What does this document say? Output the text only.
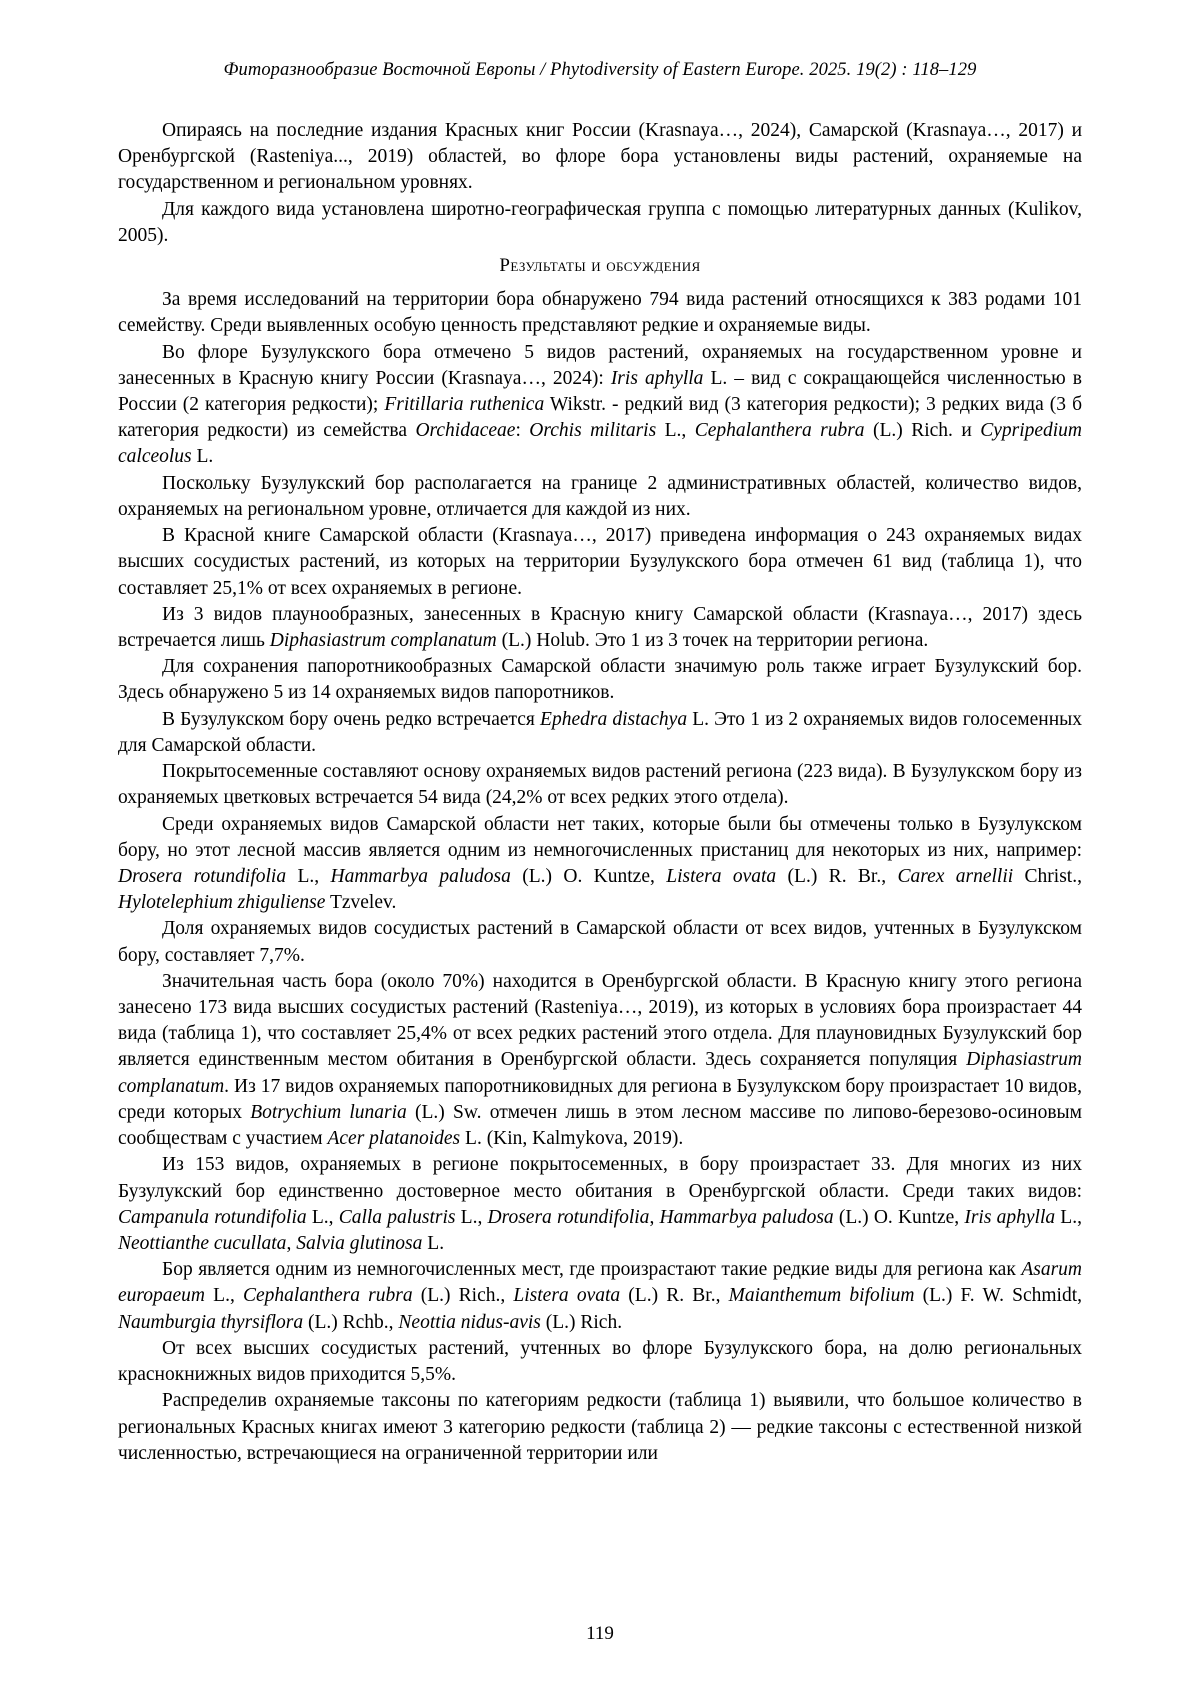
Фиторазнообразие Восточной Европы / Phytodiversity of Eastern Europe. 2025. 19(2) : 118–129

Опираясь на последние издания Красных книг России (Krasnaya…, 2024), Самарской (Krasnaya…, 2017) и Оренбургской (Rasteniya..., 2019) областей, во флоре бора установлены виды растений, охраняемые на государственном и региональном уровнях.

Для каждого вида установлена широтно-географическая группа с помощью литературных данных (Kulikov, 2005).

Результаты и обсуждения

За время исследований на территории бора обнаружено 794 вида растений относящихся к 383 родами 101 семейству. Среди выявленных особую ценность представляют редкие и охраняемые виды.

Во флоре Бузулукского бора отмечено 5 видов растений, охраняемых на государственном уровне и занесенных в Красную книгу России (Krasnaya…, 2024): Iris aphylla L. – вид с сокращающейся численностью в России (2 категория редкости); Fritillaria ruthenica Wikstr. - редкий вид (3 категория редкости); 3 редких вида (3 б категория редкости) из семейства Orchidaceae: Orchis militaris L., Cephalanthera rubra (L.) Rich. и Cypripedium calceolus L.

Поскольку Бузулукский бор располагается на границе 2 административных областей, количество видов, охраняемых на региональном уровне, отличается для каждой из них.

В Красной книге Самарской области (Krasnaya…, 2017) приведена информация о 243 охраняемых видах высших сосудистых растений, из которых на территории Бузулукского бора отмечен 61 вид (таблица 1), что составляет 25,1% от всех охраняемых в регионе.

Из 3 видов плаунообразных, занесенных в Красную книгу Самарской области (Krasnaya…, 2017) здесь встречается лишь Diphasiastrum complanatum (L.) Holub. Это 1 из 3 точек на территории региона.

Для сохранения папоротникообразных Самарской области значимую роль также играет Бузулукский бор. Здесь обнаружено 5 из 14 охраняемых видов папоротников.

В Бузулукском бору очень редко встречается Ephedra distachya L. Это 1 из 2 охраняемых видов голосеменных для Самарской области.

Покрытосеменные составляют основу охраняемых видов растений региона (223 вида). В Бузулукском бору из охраняемых цветковых встречается 54 вида (24,2% от всех редких этого отдела).

Среди охраняемых видов Самарской области нет таких, которые были бы отмечены только в Бузулукском бору, но этот лесной массив является одним из немногочисленных пристаниц для некоторых из них, например: Drosera rotundifolia L., Hammarbya paludosa (L.) O. Kuntze, Listera ovata (L.) R. Br., Carex arnellii Christ., Hylotelephium zhiguliense Tzvelev.

Доля охраняемых видов сосудистых растений в Самарской области от всех видов, учтенных в Бузулукском бору, составляет 7,7%.

Значительная часть бора (около 70%) находится в Оренбургской области. В Красную книгу этого региона занесено 173 вида высших сосудистых растений (Rasteniya…, 2019), из которых в условиях бора произрастает 44 вида (таблица 1), что составляет 25,4% от всех редких растений этого отдела. Для плауновидных Бузулукский бор является единственным местом обитания в Оренбургской области. Здесь сохраняется популяция Diphasiastrum complanatum. Из 17 видов охраняемых папоротниковидных для региона в Бузулукском бору произрастает 10 видов, среди которых Botrychium lunaria (L.) Sw. отмечен лишь в этом лесном массиве по липово-березово-осиновым сообществам с участием Acer platanoides L. (Kin, Kalmykova, 2019).

Из 153 видов, охраняемых в регионе покрытосеменных, в бору произрастает 33. Для многих из них Бузулукский бор единственно достоверное место обитания в Оренбургской области. Среди таких видов: Campanula rotundifolia L., Calla palustris L., Drosera rotundifolia, Hammarbya paludosa (L.) O. Kuntze, Iris aphylla L., Neottianthe cucullata, Salvia glutinosa L.

Бор является одним из немногочисленных мест, где произрастают такие редкие виды для региона как Asarum europaeum L., Cephalanthera rubra (L.) Rich., Listera ovata (L.) R. Br., Maianthemum bifolium (L.) F. W. Schmidt, Naumburgia thyrsiflora (L.) Rchb., Neottia nidus-avis (L.) Rich.

От всех высших сосудистых растений, учтенных во флоре Бузулукского бора, на долю региональных краснокнижных видов приходится 5,5%.

Распределив охраняемые таксоны по категориям редкости (таблица 1) выявили, что большое количество в региональных Красных книгах имеют 3 категорию редкости (таблица 2) — редкие таксоны с естественной низкой численностью, встречающиеся на ограниченной территории или

119
